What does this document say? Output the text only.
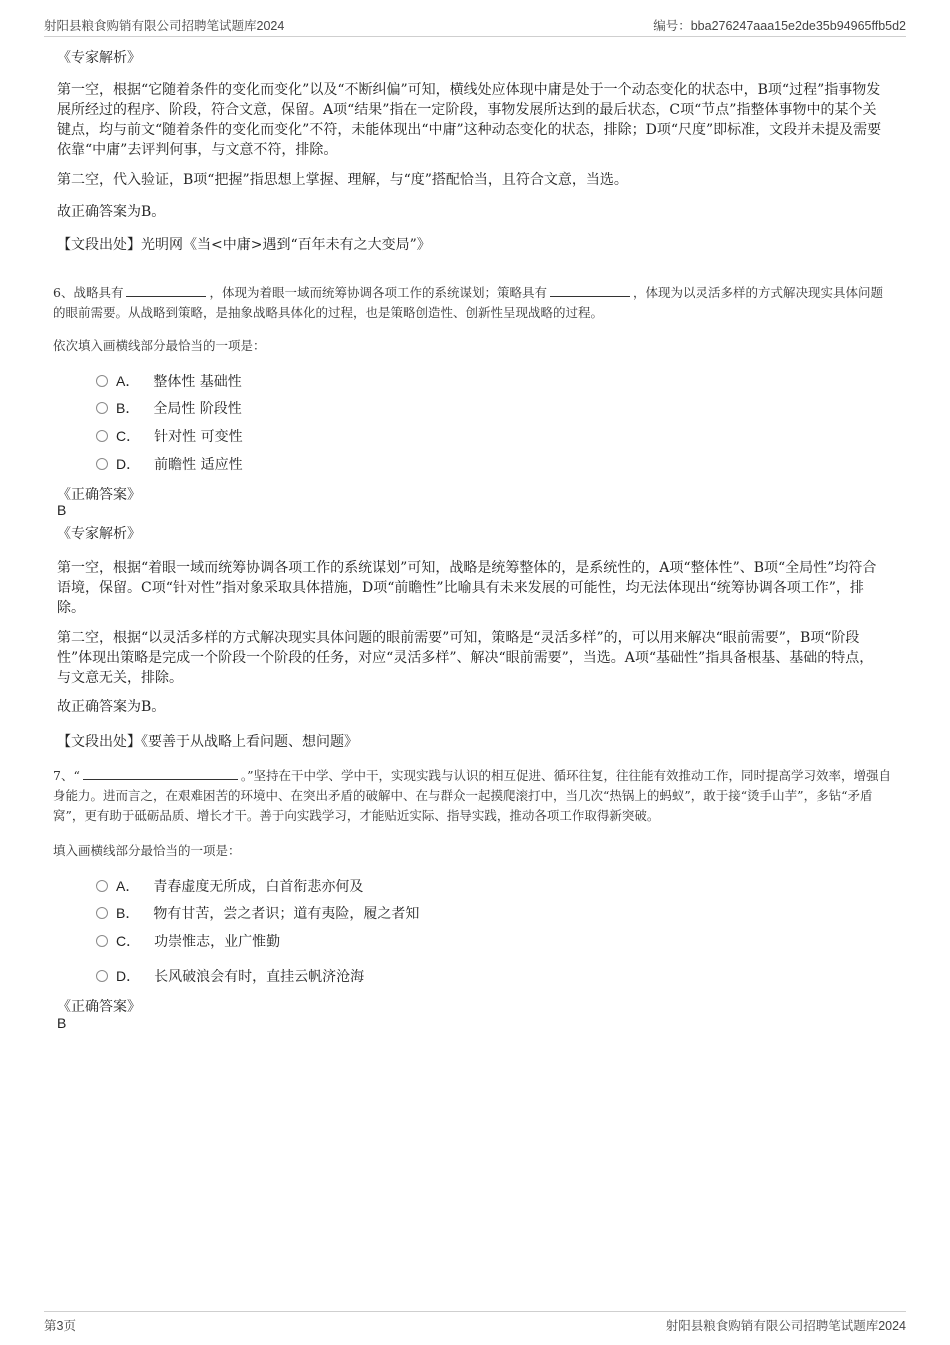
射阳县粮食购销有限公司招聘笔试题库2024	编号：bba276247aaa15e2de35b94965ffb5d2
《专家解析》
第一空，根据“它随着条件的变化而变化”以及“不断纠偏”可知，横线处应体现中庸是处于一个动态变化的状态中，B项“过程”指事物发展所经过的程序、阶段，符合文意，保留。A项“结果”指在一定阶段，事物发展所达到的最后状态，C项“节点”指整体事物中的某个关键点，均与前文“随着条件的变化而变化”不符，未能体现出“中庸”这种动态变化的状态，排除；D项“尺度”即标准，文段并未提及需要依靠“中庸”去评判何事，与文意不符，排除。
第二空，代入验证，B项“把握”指思想上掌握、理解，与“度”搭配恰当，且符合文意，当选。
故正确答案为B。
【文段出处】光明网《当<中庸>遇到“百年未有之大变局”》
6、战略具有	，体现为着眼一域而统筹协调各项工作的系统谋划；策略具有	，体现为以灵活多样的方式解决现实具体问题的眼前需要。从战略到策略，是抽象战略具体化的过程，也是策略创造性、创新性呈现战略的过程。
依次填入画横线部分最恰当的一项是：
A． 整体性 基础性
B． 全局性 阶段性
C． 针对性 可变性
D． 前瞻性 适应性
《正确答案》
B
《专家解析》
第一空，根据“着眼一域而统筹协调各项工作的系统谋划”可知，战略是统筹整体的，是系统性的，A项“整体性”、B项“全局性”均符合语境，保留。C项“针对性”指对象采取具体措施，D项“前瞻性”比喻具有未来发展的可能性，均无法体现出“统筹协调各项工作”，排除。
第二空，根据“以灵活多样的方式解决现实具体问题的眼前需要”可知，策略是“灵活多样”的，可以用来解决“眼前需要”，B项“阶段性”体现出策略是完成一个阶段一个阶段的任务，对应“灵活多样”、解决“眼前需要”，当选。A项“基础性”指具备根基、基础的特点，与文意无关，排除。
故正确答案为B。
【文段出处】《要善于从战略上看问题、想问题》
7、“	。”坚持在干中学、学中干，实现实践与认识的相互促进、循环往复，往往能有效推动工作，同时提高学习效率，增强自身能力。进而言之，在艰难困苦的环境中、在突出矛盾的破解中、在与群众一起摸爬滚打中，当几次“热锅上的蚂蚁”，敢于接“烫手山芋”，多钻“矛盾窝”，更有助于砥砺品质、增长才干。善于向实践学习，才能贴近实际、指导实践，推动各项工作取得新突破。
填入画横线部分最恰当的一项是：
A． 青春虚度无所成，白首衔悲亦何及
B． 物有甘苦，尝之者识；道有夷险，履之者知
C． 功崇惟志，业广惟勤
D． 长风破浪会有时，直挂云帆济沧海
《正确答案》
B
第3页	射阳县粮食购销有限公司招聘笔试题库2024
